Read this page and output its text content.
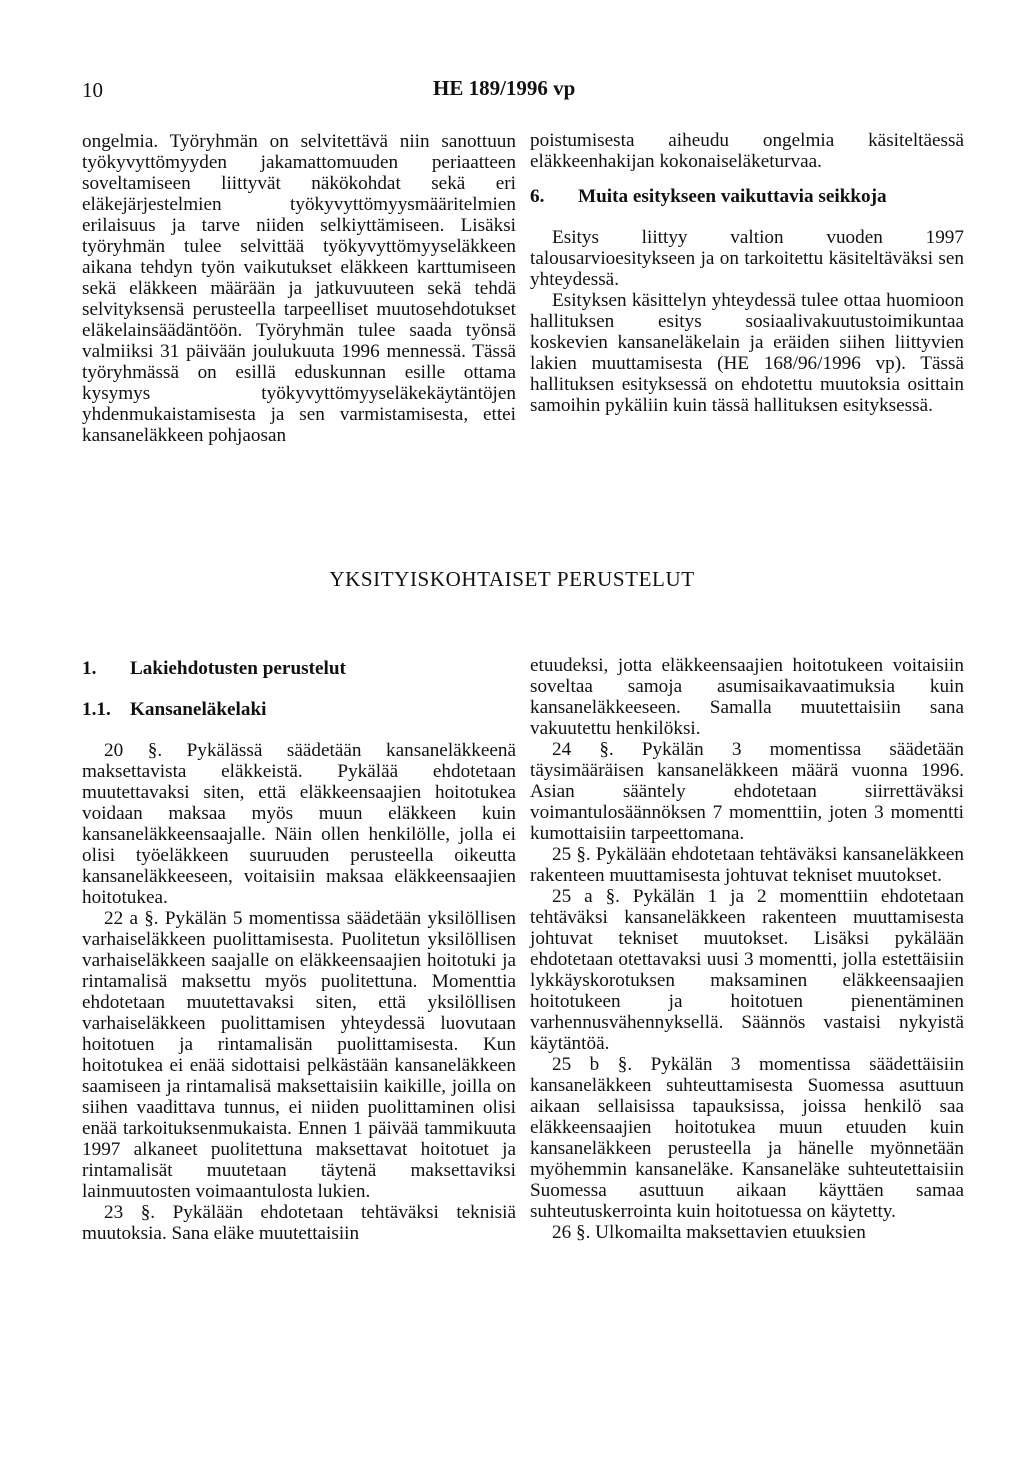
10	HE 189/1996 vp

ongelmia. Työryhmän on selvitettävä niin sanottuun työkyvyttömyyden jakamattomuuden periaatteen soveltamiseen liittyvät näkökohdat sekä eri eläkejärjestelmien työkyvyttömyysmääritelmien erilaisuus ja tarve niiden selkiyttämiseen. Lisäksi työryhmän tulee selvittää työkyvyttömyyseläkkeen aikana tehdyn työn vaikutukset eläkkeen karttumiseen sekä eläkkeen määrään ja jatkuvuuteen sekä tehdä selvityksensä perusteella tarpeelliset muutosehdotukset eläkelainsäädäntöön. Työryhmän tulee saada työnsä valmiiksi 31 päivään joulukuuta 1996 mennessä. Tässä työryhmässä on esillä eduskunnan esille ottama kysymys työkyvyttömyyseläkekäytäntöjen yhdenmukaistamisesta ja sen varmistamisesta, ettei kansaneläkkeen pohjaosan

poistumisesta aiheudu ongelmia käsiteltäessä eläkkeenhakijan kokonaiseläketurvaa.

6.	Muita esitykseen vaikuttavia seikkoja

Esitys liittyy valtion vuoden 1997 talousarvioesitykseen ja on tarkoitettu käsiteltäväksi sen yhteydessä.

Esityksen käsittelyn yhteydessä tulee ottaa huomioon hallituksen esitys sosiaalivakuutustoimikuntaa koskevien kansaneläkelain ja eräiden siihen liittyvien lakien muuttamisesta (HE 168/96/1996 vp). Tässä hallituksen esityksessä on ehdotettu muutoksia osittain samoihin pykäliin kuin tässä hallituksen esityksessä.

YKSITYISKOHTAISET PERUSTELUT
1.	Lakiehdotusten perustelut
1.1.	Kansaneläkelaki

20 §. Pykälässä säädetään kansaneläkkeenä maksettavista eläkkeistä. Pykälää ehdotetaan muutettavaksi siten, että eläkkeensaajien hoitotukea voidaan maksaa myös muun eläkkeen kuin kansaneläkkeensaajalle. Näin ollen henkilölle, jolla ei olisi työeläkkeen suuruuden perusteella oikeutta kansaneläkkeeseen, voitaisiin maksaa eläkkeensaajien hoitotukea.

22 a §. Pykälän 5 momentissa säädetään yksilöllisen varhaiseläkkeen puolittamisesta. Puolitetun yksilöllisen varhaiseläkkeen saajalle on eläkkeensaajien hoitotuki ja rintamalisä maksettu myös puolitettuna. Momenttia ehdotetaan muutettavaksi siten, että yksilöllisen varhaiseläkkeen puolittamisen yhteydessä luovutaan hoitotuen ja rintamalisän puolittamisesta. Kun hoitotukea ei enää sidottaisi pelkästään kansaneläkkeen saamiseen ja rintamalisä maksettaisiin kaikille, joilla on siihen vaadittava tunnus, ei niiden puolittaminen olisi enää tarkoituksenmukaista. Ennen 1 päivää tammikuuta 1997 alkaneet puolitettuna maksettavat hoitotuet ja rintamalisät muutetaan täytenä maksettaviksi lainmuutosten voimaantulosta lukien.

23 §. Pykälään ehdotetaan tehtäväksi teknisiä muutoksia. Sana eläke muutettaisiin

etuudeksi, jotta eläkkeensaajien hoitotukeen voitaisiin soveltaa samoja asumisaikavaatimuksia kuin kansaneläkkeeseen. Samalla muutettaisiin sana vakuutettu henkilöksi.

24 §. Pykälän 3 momentissa säädetään täysimääräisen kansaneläkkeen määrä vuonna 1996. Asian sääntely ehdotetaan siirrettäväksi voimantulosäännöksen 7 momenttiin, joten 3 momentti kumottaisiin tarpeettomana.

25 §. Pykälään ehdotetaan tehtäväksi kansaneläkkeen rakenteen muuttamisesta johtuvat tekniset muutokset.

25 a §. Pykälän 1 ja 2 momenttiin ehdotetaan tehtäväksi kansaneläkkeen rakenteen muuttamisesta johtuvat tekniset muutokset. Lisäksi pykälään ehdotetaan otettavaksi uusi 3 momentti, jolla estettäisiin lykkäyskorotuksen maksaminen eläkkeensaajien hoitotukeen ja hoitotuen pienentäminen varhennusvähennyksellä. Säännös vastaisi nykyistä käytäntöä.

25 b §. Pykälän 3 momentissa säädettäisiin kansaneläkkeen suhteuttamisesta Suomessa asuttuun aikaan sellaisissa tapauksissa, joissa henkilö saa eläkkeensaajien hoitotukea muun etuuden kuin kansaneläkkeen perusteella ja hänelle myönnetään myöhemmin kansaneläke. Kansaneläke suhteutettaisiin Suomessa asuttuun aikaan käyttäen samaa suhteutuskerrointa kuin hoitotuessa on käytetty.

26 §. Ulkomailta maksettavien etuuksien
